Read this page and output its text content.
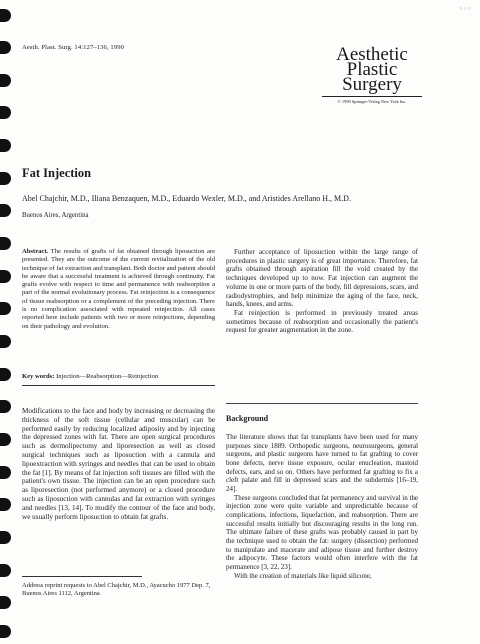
◦◦◦
Aesth. Plast. Surg. 14:127–136, 1990	Aesthetic
Plastic
Surgery
© 1990 Springer-Verlag New York Inc.
Fat Injection
Abel Chajchir, M.D., Iliana Benzaquen, M.D., Eduardo Wexler, M.D., and Aristides Arellano H., M.D.
Buenos Aires, Argentina

Abstract. The results of grafts of fat obtained through liposuction are presented. They are the outcome of the current revitalization of the old technique of fat extraction and transplant. Both doctor and patient should be aware that a successful treatment is achieved through continuity. Fat grafts evolve with respect to time and permanence with reabsorption a part of the normal evolutionary process. Fat reinjection is a consequence of tissue reabsorption or a complement of the preceding injection. There is no complication associated with repeated reinjection. All cases reported here include patients with two or more reinjections, depending on their pathology and evolution.

Key words: Injection—Reabsorption—Reinjection

Modifications to the face and body by increasing or decreasing the thickness of the soft tissue (cellular and muscular) can be performed easily by reducing localized adiposity and by injecting the depressed zones with fat. There are open surgical procedures such as dermolipectomy and liporesection as well as closed surgical techniques such as liposuction with a cannula and lipoextraction with syringes and needles that can be used to obtain the fat [1]. By means of fat injection soft tissues are filled with the patient's own tissue. The injection can be an open procedure such as liporesection (not performed anymore) or a closed procedure such as liposuction with cannulas and fat extraction with syringes and needles [13, 14]. To modify the contour of the face and body, we usually perform liposuction to obtain fat grafts.

Address reprint requests to Abel Chajchir, M.D., Ayacucho 1977 Dep. 7, Buenos Aires 1112, Argentina

Further acceptance of liposuction within the large range of procedures in plastic surgery is of great importance. Therefore, fat grafts obtained through aspiration fill the void created by the techniques developed up to now. Fat injection can augment the volume in one or more parts of the body, fill depressions, scars, and radiodystrophies, and help minimize the aging of the face, neck, hands, knees, and arms.

Fat reinjection is performed in previously treated areas sometimes because of reabsorption and occasionally the patient's request for greater augmentation in the zone.

Background

The literature shows that fat transplants have been used for many purposes since 1889. Orthopedic surgeons, neurosurgeons, general surgeons, and plastic surgeons have turned to fat grafting to cover bone defects, nerve tissue exposure, ocular enucleation, mastoid defects, ears, and so on. Others have performed fat grafting to fix a cleft palate and fill in depressed scars and the subdermis [16–19, 24].

These surgeons concluded that fat permanency and survival in the injection zone were quite variable and unpredictable because of complications, infections, liquefaction, and reabsorption. There are successful results initially but discouraging results in the long run. The ultimate failure of these grafts was probably caused in part by the technique used to obtain the fat: surgery (dissection) performed to manipulate and macerate and adipose tissue and further destroy the adipocyte. These factors would often interfere with the fat permanence [3, 22, 23].

With the creation of materials like liquid silicone,
